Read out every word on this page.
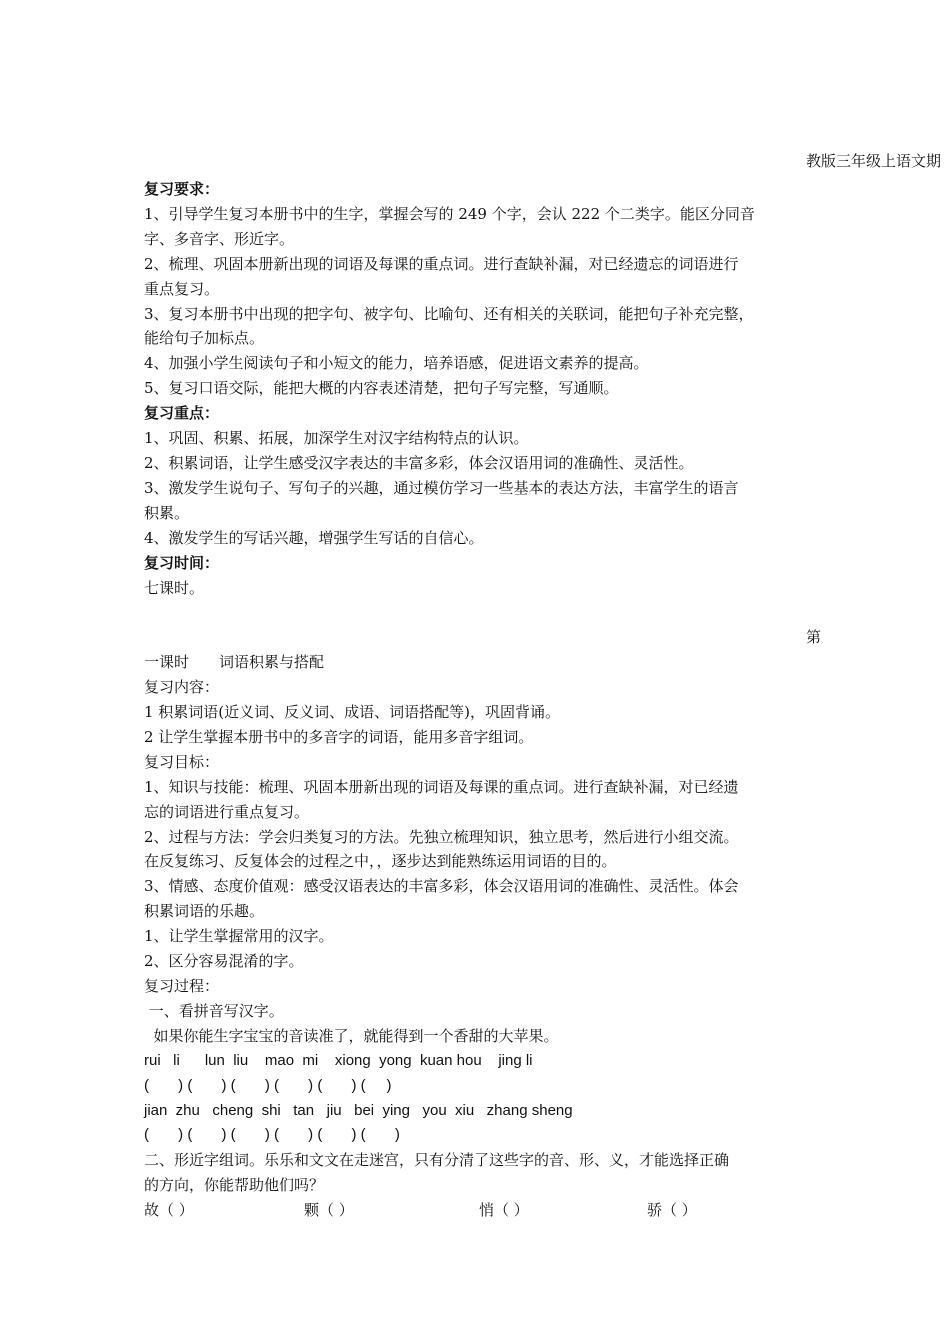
教版三年级上语文期

复习要求：

1、引导学生复习本册书中的生字，掌握会写的 249 个字，会认 222 个二类字。能区分同音

字、多音字、形近字。

2、梳理、巩固本册新出现的词语及每课的重点词。进行查缺补漏，对已经遗忘的词语进行

重点复习。

3、复习本册书中出现的把字句、被字句、比喻句、还有相关的关联词，能把句子补充完整，

能给句子加标点。

4、加强小学生阅读句子和小短文的能力，培养语感，促进语文素养的提高。

5、复习口语交际，能把大概的内容表述清楚，把句子写完整，写通顺。

复习重点：

1、巩固、积累、拓展，加深学生对汉字结构特点的认识。

2、积累词语，让学生感受汉字表达的丰富多彩，体会汉语用词的准确性、灵活性。

3、激发学生说句子、写句子的兴趣，通过模仿学习一些基本的表达方法，丰富学生的语言

积累。

4、激发学生的写话兴趣，增强学生写话的自信心。

复习时间：

七课时。

一课时　　词语积累与搭配

复习内容：

1 积累词语(近义词、反义词、成语、词语搭配等)，巩固背诵。

2 让学生掌握本册书中的多音字的词语，能用多音字组词。

复习目标：

1、知识与技能：梳理、巩固本册新出现的词语及每课的重点词。进行查缺补漏，对已经遗

忘的词语进行重点复习。

2、过程与方法：学会归类复习的方法。先独立梳理知识，独立思考，然后进行小组交流。

在反复练习、反复体会的过程之中，，逐步达到能熟练运用词语的目的。

3、情感、态度价值观：感受汉语表达的丰富多彩，体会汉语用词的准确性、灵活性。体会

积累词语的乐趣。

1、让学生掌握常用的汉字。

2、区分容易混淆的字。

复习过程：

一、看拼音写汉字。

如果你能生字宝宝的音读准了，就能得到一个香甜的大苹果。

rui   li      lun  liu    mao  mi    xiong  yong  kuan hou    jing li

(       ) (       ) (       ) (       ) (       ) (     )

jian  zhu   cheng  shi   tan   jiu   bei  ying   you  xiu   zhang sheng

(       ) (       ) (       ) (       ) (       ) (       )

二、形近字组词。乐乐和文文在走迷宫，只有分清了这些字的音、形、义，才能选择正确

的方向，你能帮助他们吗？

故（ ）	颗（ ）	悄（ ）	骄（ ）
第
